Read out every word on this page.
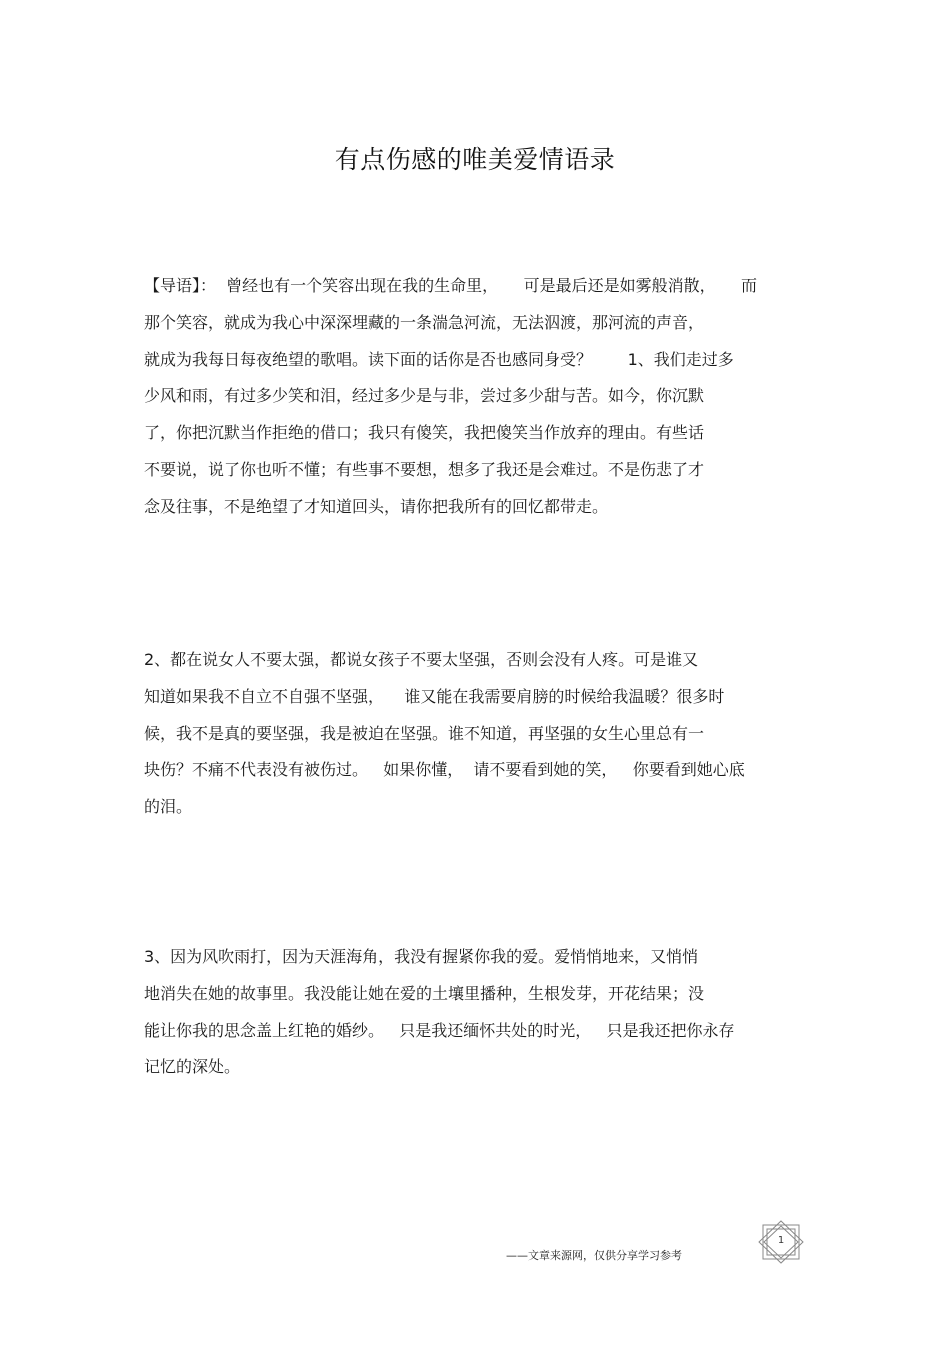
有点伤感的唯美爱情语录
【导语】：  曾经也有一个笑容出现在我的生命里，     可是最后还是如雾般消散，     而
那个笑容，就成为我心中深深埋藏的一条湍急河流，无法泅渡，那河流的声音，
就成为我每日每夜绝望的歌唱。读下面的话你是否也感同身受？       1、我们走过多
少风和雨，有过多少笑和泪，经过多少是与非，尝过多少甜与苦。如今，你沉默
了，你把沉默当作拒绝的借口；我只有傻笑，我把傻笑当作放弃的理由。有些话
不要说，说了你也听不懂；有些事不要想，想多了我还是会难过。不是伤悲了才
念及往事，不是绝望了才知道回头，请你把我所有的回忆都带走。
2、都在说女人不要太强，都说女孩子不要太坚强，否则会没有人疼。可是谁又
知道如果我不自立不自强不坚强，    谁又能在我需要肩膀的时候给我温暖？很多时
候，我不是真的要坚强，我是被迫在坚强。谁不知道，再坚强的女生心里总有一
块伤？不痛不代表没有被伤过。   如果你懂，  请不要看到她的笑，   你要看到她心底
的泪。
3、因为风吹雨打，因为天涯海角，我没有握紧你我的爱。爱悄悄地来，又悄悄
地消失在她的故事里。我没能让她在爱的土壤里播种，生根发芽，开花结果；没
能让你我的思念盖上红艳的婚纱。   只是我还缅怀共处的时光，   只是我还把你永存
记忆的深处。
——文章来源网，仅供分享学习参考
1
